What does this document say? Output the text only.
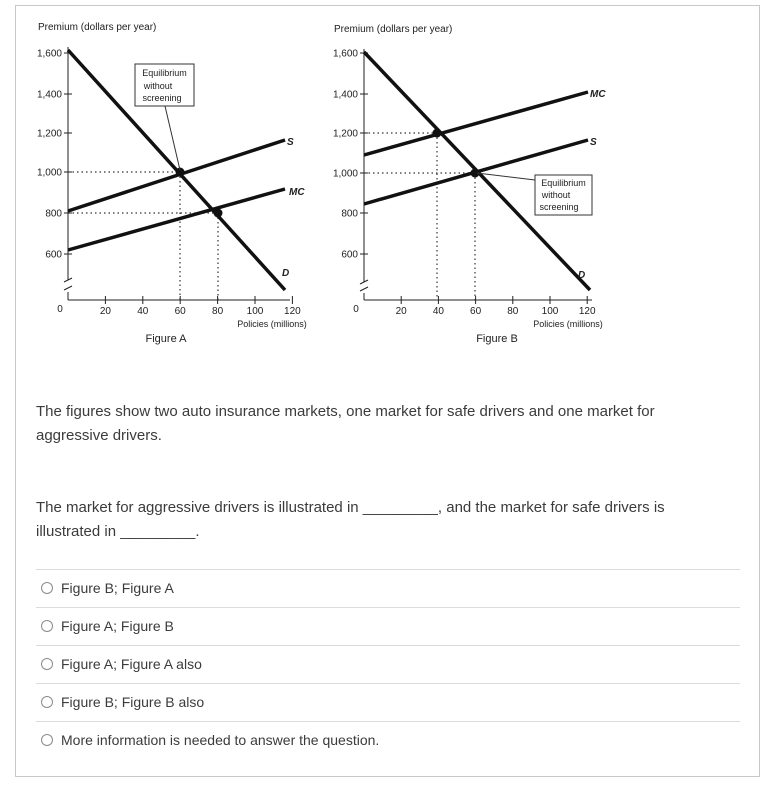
Premium (dollars per year)
20	40	60	80 100 120
0
600
800
1,000
1,200
1,400
1,600
S
MC
D
Equilibrium
without
screening
Policies (millions)
Figure A
Premium (dollars per year)
20	40	60	80 100 120
0
600
800
1,000
1,200
1,400
1,600
MC
S
D
Equilibrium
without
screening
Policies (millions)
Figure B
The figures show two auto insurance markets, one market for safe drivers and one market for aggressive drivers.
The market for aggressive drivers is illustrated in _________, and the market for safe drivers is illustrated in _________.
Figure B; Figure A
Figure A; Figure B
Figure A; Figure A also
Figure B; Figure B also
More information is needed to answer the question.
